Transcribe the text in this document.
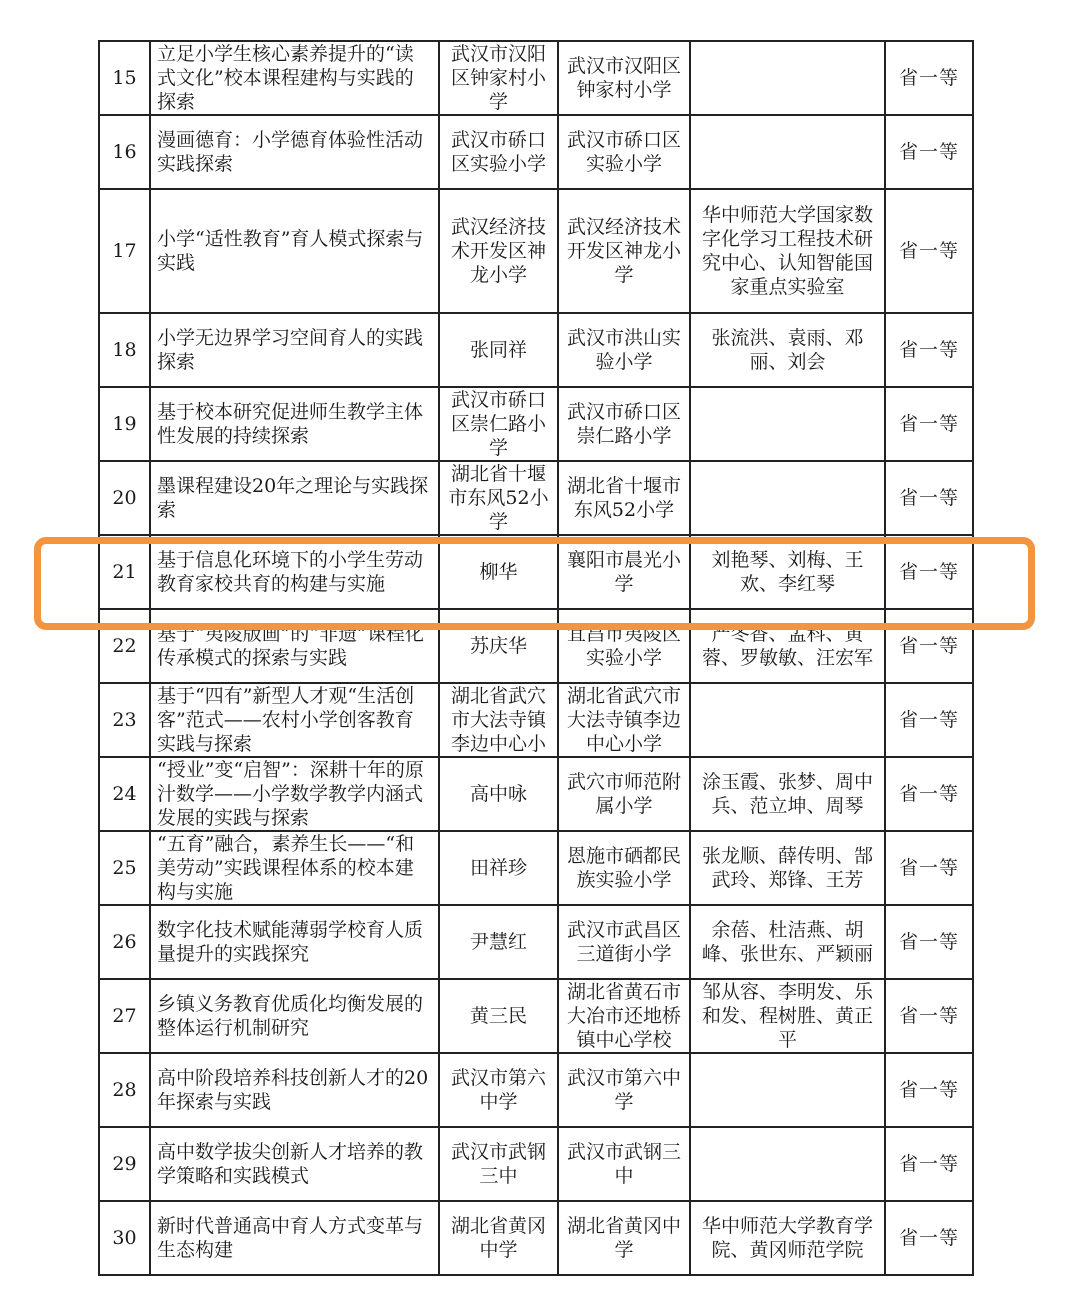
15	立足小学生核心素养提升的“读式文化”校本课程建构与实践的探索	武汉市汉阳区钟家村小学	武汉市汉阳区钟家村小学		省一等
16	漫画德育：小学德育体验性活动实践探索	武汉市硚口区实验小学	武汉市硚口区实验小学		省一等
17	小学“适性教育”育人模式探索与实践	武汉经济技术开发区神龙小学	武汉经济技术开发区神龙小学	华中师范大学国家数字化学习工程技术研究中心、认知智能国家重点实验室	省一等
18	小学无边界学习空间育人的实践探索	张同祥	武汉市洪山实验小学	张流洪、袁雨、邓丽、刘会	省一等
19	基于校本研究促进师生教学主体性发展的持续探索	武汉市硚口区崇仁路小学	武汉市硚口区崇仁路小学		省一等
20	墨课程建设20年之理论与实践探索	湖北省十堰市东风52小学	湖北省十堰市东风52小学		省一等
21	基于信息化环境下的小学生劳动教育家校共育的构建与实施	柳华	襄阳市晨光小学	刘艳琴、刘梅、王欢、李红琴	省一等
22	基于“夷陵版画”的“非遗”课程化传承模式的探索与实践	苏庆华	宜昌市夷陵区实验小学	严冬香、孟科、黄蓉、罗敏敏、汪宏军	省一等
23	基于“四有”新型人才观“生活创客”范式——农村小学创客教育实践与探索	湖北省武穴市大法寺镇李边中心小	湖北省武穴市大法寺镇李边中心小学		省一等
24	“授业”变“启智”：深耕十年的原汁数学——小学数学教学内涵式发展的实践与探索	高中咏	武穴市师范附属小学	涂玉霞、张梦、周中兵、范立坤、周琴	省一等
25	“五育”融合，素养生长——“和美劳动”实践课程体系的校本建构与实施	田祥珍	恩施市硒都民族实验小学	张龙顺、薛传明、郜武玲、郑锋、王芳	省一等
26	数字化技术赋能薄弱学校育人质量提升的实践探究	尹慧红	武汉市武昌区三道街小学	余蓓、杜洁燕、胡峰、张世东、严颖丽	省一等
27	乡镇义务教育优质化均衡发展的整体运行机制研究	黄三民	湖北省黄石市大冶市还地桥镇中心学校	邹从容、李明发、乐和发、程树胜、黄正平	省一等
28	高中阶段培养科技创新人才的20年探索与实践	武汉市第六中学	武汉市第六中学		省一等
29	高中数学拔尖创新人才培养的教学策略和实践模式	武汉市武钢三中	武汉市武钢三中		省一等
30	新时代普通高中育人方式变革与生态构建	湖北省黄冈中学	湖北省黄冈中学	华中师范大学教育学院、黄冈师范学院	省一等
